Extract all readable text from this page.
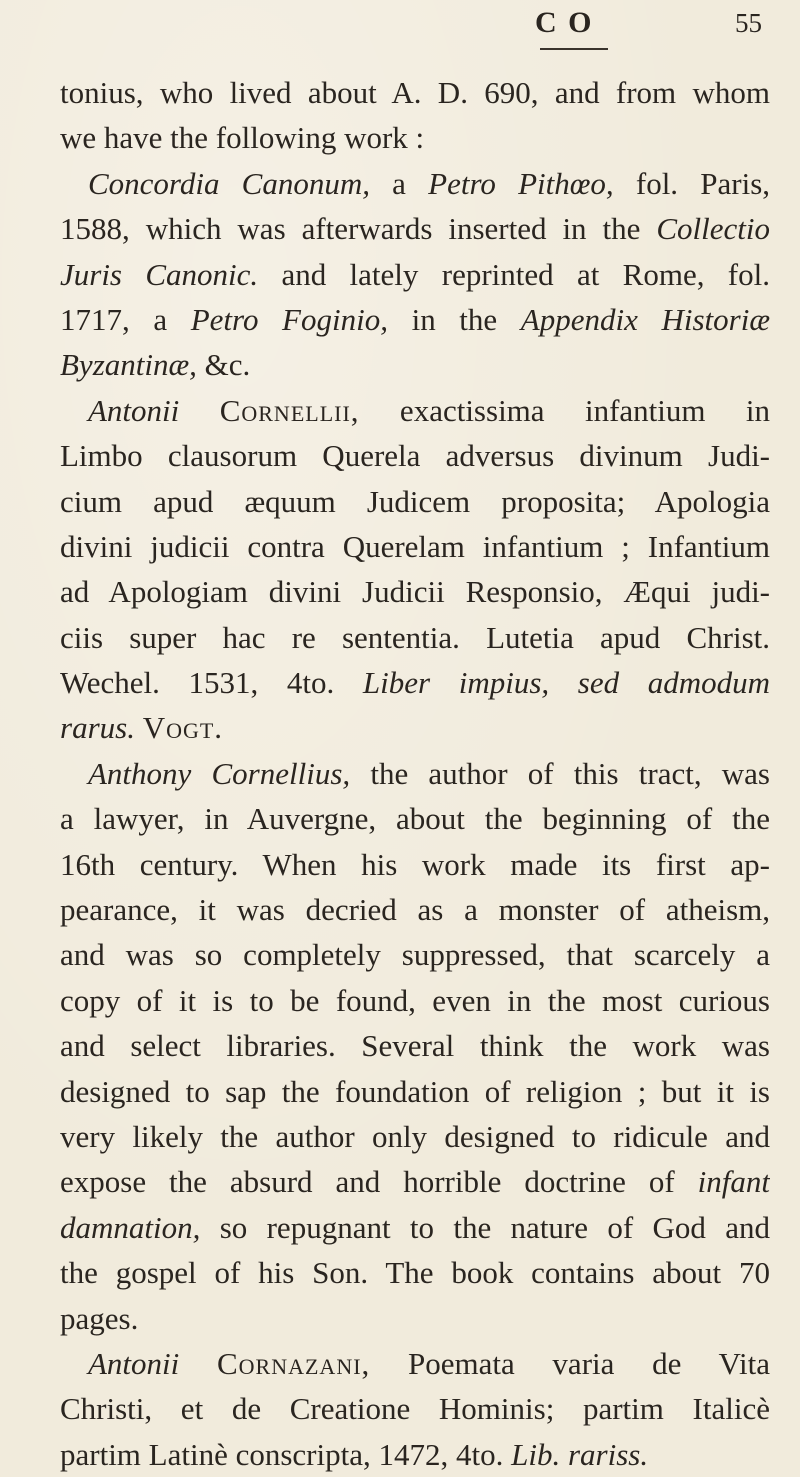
C O	55
tonius, who lived about A. D. 690, and from whom
we have the following work :
Concordia Canonum, a Petro Pithœo, fol. Paris,
1588, which was afterwards inserted in the Collectio
Juris Canonic. and lately reprinted at Rome, fol.
1717, a Petro Foginio, in the Appendix Historiæ
Byzantinæ, &c.
Antonii Cornellii, exactissima infantium in
Limbo clausorum Querela adversus divinum Judi-
cium apud æquum Judicem proposita; Apologia
divini judicii contra Querelam infantium ; Infantium
ad Apologiam divini Judicii Responsio, Æqui judi-
ciis super hac re sententia. Lutetia apud Christ.
Wechel. 1531, 4to. Liber impius, sed admodum
rarus. Vogt.
Anthony Cornellius, the author of this tract, was
a lawyer, in Auvergne, about the beginning of the
16th century. When his work made its first ap-
pearance, it was decried as a monster of atheism,
and was so completely suppressed, that scarcely a
copy of it is to be found, even in the most curious
and select libraries. Several think the work was
designed to sap the foundation of religion ; but it is
very likely the author only designed to ridicule and
expose the absurd and horrible doctrine of infant
damnation, so repugnant to the nature of God and
the gospel of his Son. The book contains about 70
pages.
Antonii Cornazani, Poemata varia de Vita
Christi, et de Creatione Hominis; partim Italicè
partim Latinè conscripta, 1472, 4to. Lib. rariss.
